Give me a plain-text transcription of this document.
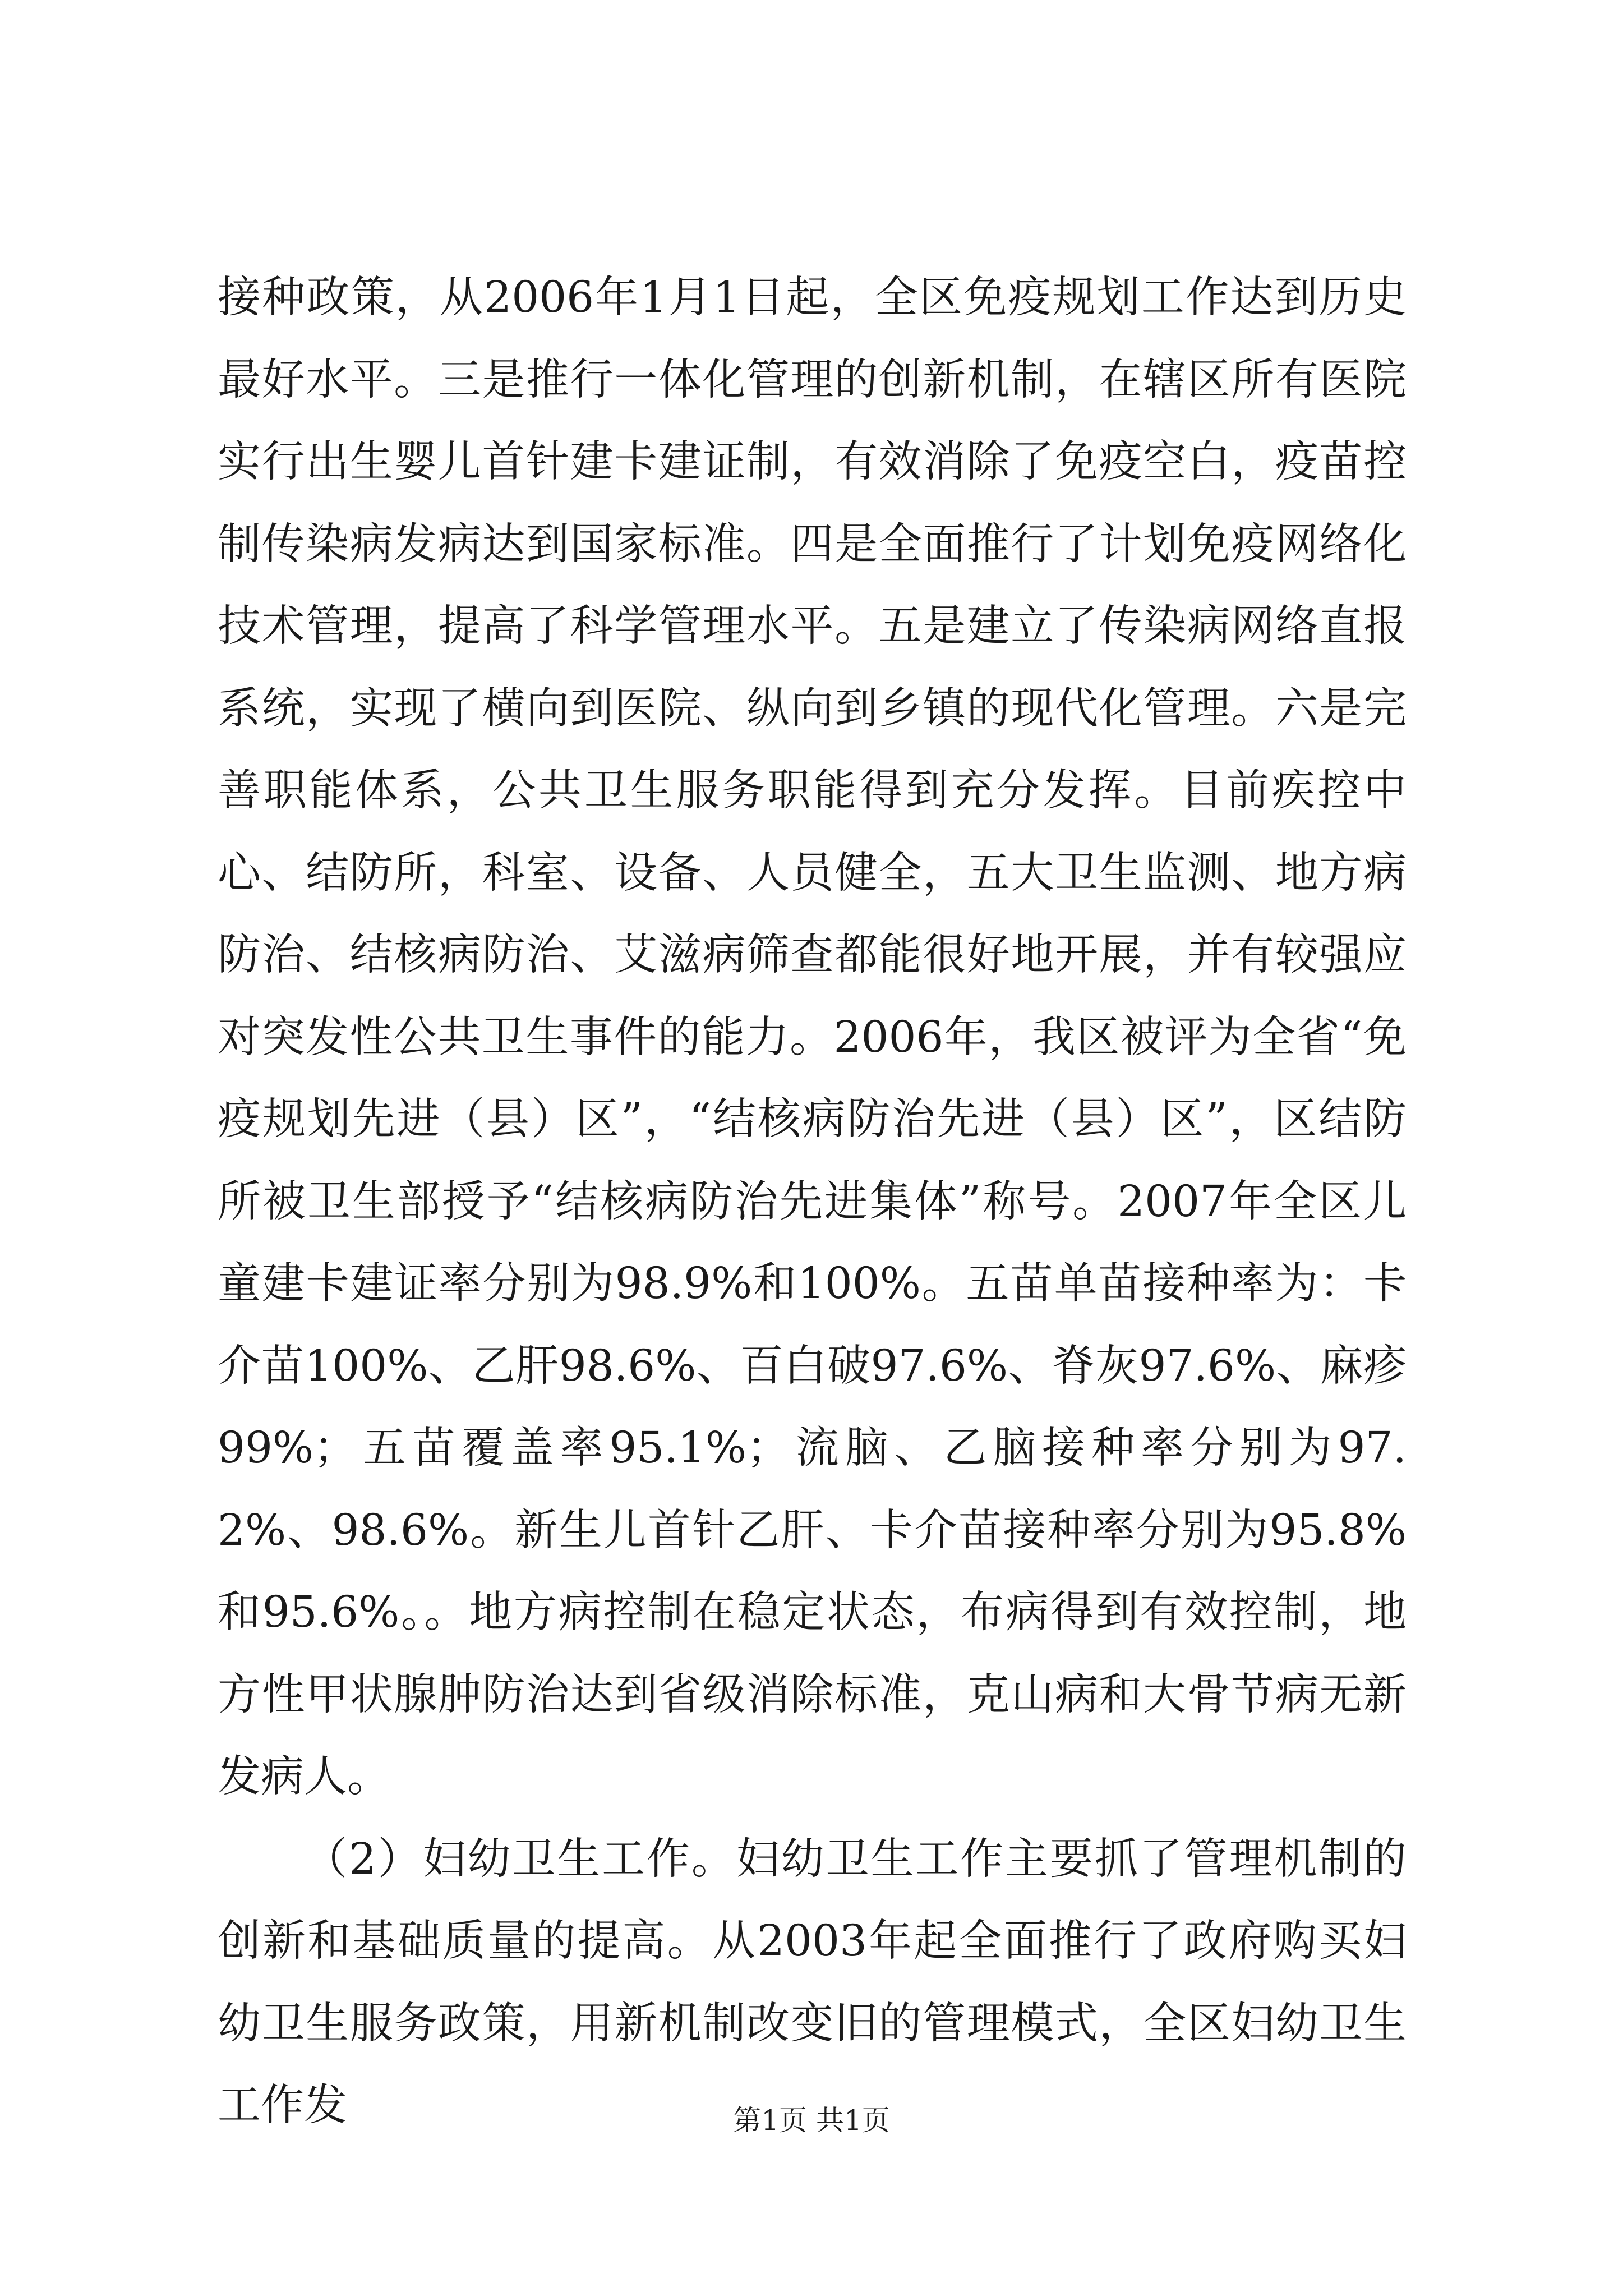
接种政策，从2006年1月1日起，全区免疫规划工作达到历史最好水平。三是推行一体化管理的创新机制，在辖区所有医院实行出生婴儿首针建卡建证制，有效消除了免疫空白，疫苗控制传染病发病达到国家标准。四是全面推行了计划免疫网络化技术管理，提高了科学管理水平。五是建立了传染病网络直报系统，实现了横向到医院、纵向到乡镇的现代化管理。六是完善职能体系，公共卫生服务职能得到充分发挥。目前疾控中心、结防所，科室、设备、人员健全，五大卫生监测、地方病防治、结核病防治、艾滋病筛查都能很好地开展，并有较强应对突发性公共卫生事件的能力。2006年，我区被评为全省“免疫规划先进（县）区”，“结核病防治先进（县）区”，区结防所被卫生部授予“结核病防治先进集体”称号。2007年全区儿童建卡建证率分别为98.9%和100%。五苗单苗接种率为：卡介苗100%、乙肝98.6%、百白破97.6%、脊灰97.6%、麻疹99%；五苗覆盖率95.1%；流脑、乙脑接种率分别为97.2%、98.6%。新生儿首针乙肝、卡介苗接种率分别为95.8%和95.6%。。地方病控制在稳定状态，布病得到有效控制，地方性甲状腺肿防治达到省级消除标准，克山病和大骨节病无新发病人。

（2）妇幼卫生工作。妇幼卫生工作主要抓了管理机制的创新和基础质量的提高。从2003年起全面推行了政府购买妇幼卫生服务政策，用新机制改变旧的管理模式，全区妇幼卫生工作发	第1页 共1页
